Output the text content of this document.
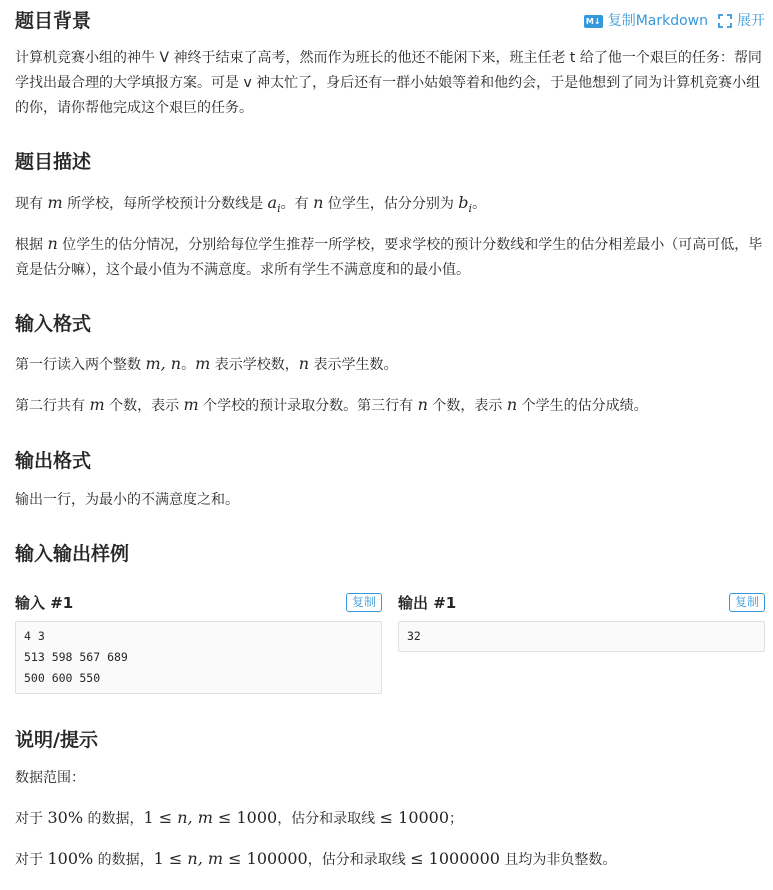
M↓ 复制Markdown 展开
题目背景

计算机竞赛小组的神牛 V 神终于结束了高考，然而作为班长的他还不能闲下来，班主任老 t 给了他一个艰巨的任务：帮同学找出最合理的大学填报方案。可是 v 神太忙了，身后还有一群小姑娘等着和他约会，于是他想到了同为计算机竞赛小组的你，请你帮他完成这个艰巨的任务。

题目描述

现有 m 所学校，每所学校预计分数线是 $a_i$。有 n 位学生，估分分别为 $b_i$。

根据 n 位学生的估分情况，分别给每位学生推荐一所学校，要求学校的预计分数线和学生的估分相差最小（可高可低，毕竟是估分嘛），这个最小值为不满意度。求所有学生不满意度和的最小值。

输入格式

第一行读入两个整数 m, n。m 表示学校数，n 表示学生数。

第二行共有 m 个数，表示 m 个学校的预计录取分数。第三行有 n 个数，表示 n 个学生的估分成绩。

输出格式

输出一行，为最小的不满意度之和。

输入输出样例
输入 #1	复制
4 3
513 598 567 689
500 600 550
输出 #1	复制
32
说明/提示

数据范围：

对于 30% 的数据，1 ≤ n, m ≤ 1000，估分和录取线 ≤ 10000；

对于 100% 的数据，1 ≤ n, m ≤ 100000，估分和录取线 ≤ 1000000 且均为非负整数。
